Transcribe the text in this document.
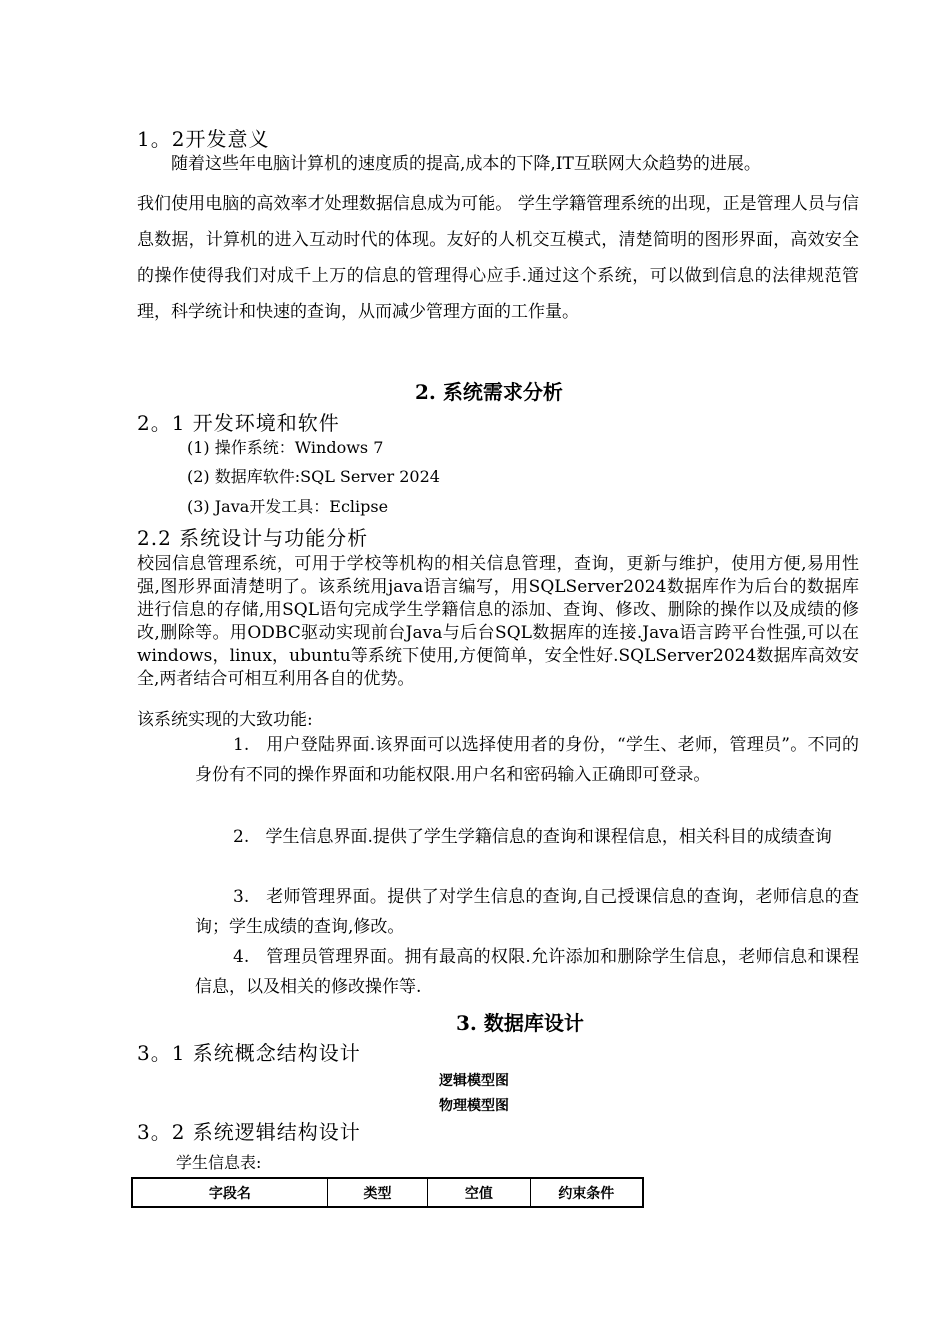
1。2开发意义
随着这些年电脑计算机的速度质的提高,成本的下降,IT互联网大众趋势的进展。
我们使用电脑的高效率才处理数据信息成为可能。 学生学籍管理系统的出现，正是管理人员与信息数据，计算机的进入互动时代的体现。友好的人机交互模式，清楚简明的图形界面，高效安全的操作使得我们对成千上万的信息的管理得心应手.通过这个系统，可以做到信息的法律规范管理，科学统计和快速的查询，从而减少管理方面的工作量。
2. 系统需求分析
2。1 开发环境和软件
(1) 操作系统：Windows 7
(2) 数据库软件:SQL Server 2024
(3) Java开发工具：Eclipse
2.2 系统设计与功能分析
校园信息管理系统，可用于学校等机构的相关信息管理，查询，更新与维护，使用方便,易用性强,图形界面清楚明了。该系统用java语言编写，用SQLServer2024数据库作为后台的数据库进行信息的存储,用SQL语句完成学生学籍信息的添加、查询、修改、删除的操作以及成绩的修改,删除等。用ODBC驱动实现前台Java与后台SQL数据库的连接.Java语言跨平台性强,可以在windows，linux，ubuntu等系统下使用,方便简单，安全性好.SQLServer2024数据库高效安全,两者结合可相互利用各自的优势。
该系统实现的大致功能:
1. 用户登陆界面.该界面可以选择使用者的身份，“学生、老师，管理员”。不同的身份有不同的操作界面和功能权限.用户名和密码输入正确即可登录。
2. 学生信息界面.提供了学生学籍信息的查询和课程信息，相关科目的成绩查询
3. 老师管理界面。提供了对学生信息的查询,自己授课信息的查询，老师信息的查询；学生成绩的查询,修改。
4. 管理员管理界面。拥有最高的权限.允许添加和删除学生信息，老师信息和课程信息，以及相关的修改操作等.
3. 数据库设计
3。1 系统概念结构设计
逻辑模型图
物理模型图
3。2 系统逻辑结构设计
学生信息表:
字段名	类型	空值	约束条件
